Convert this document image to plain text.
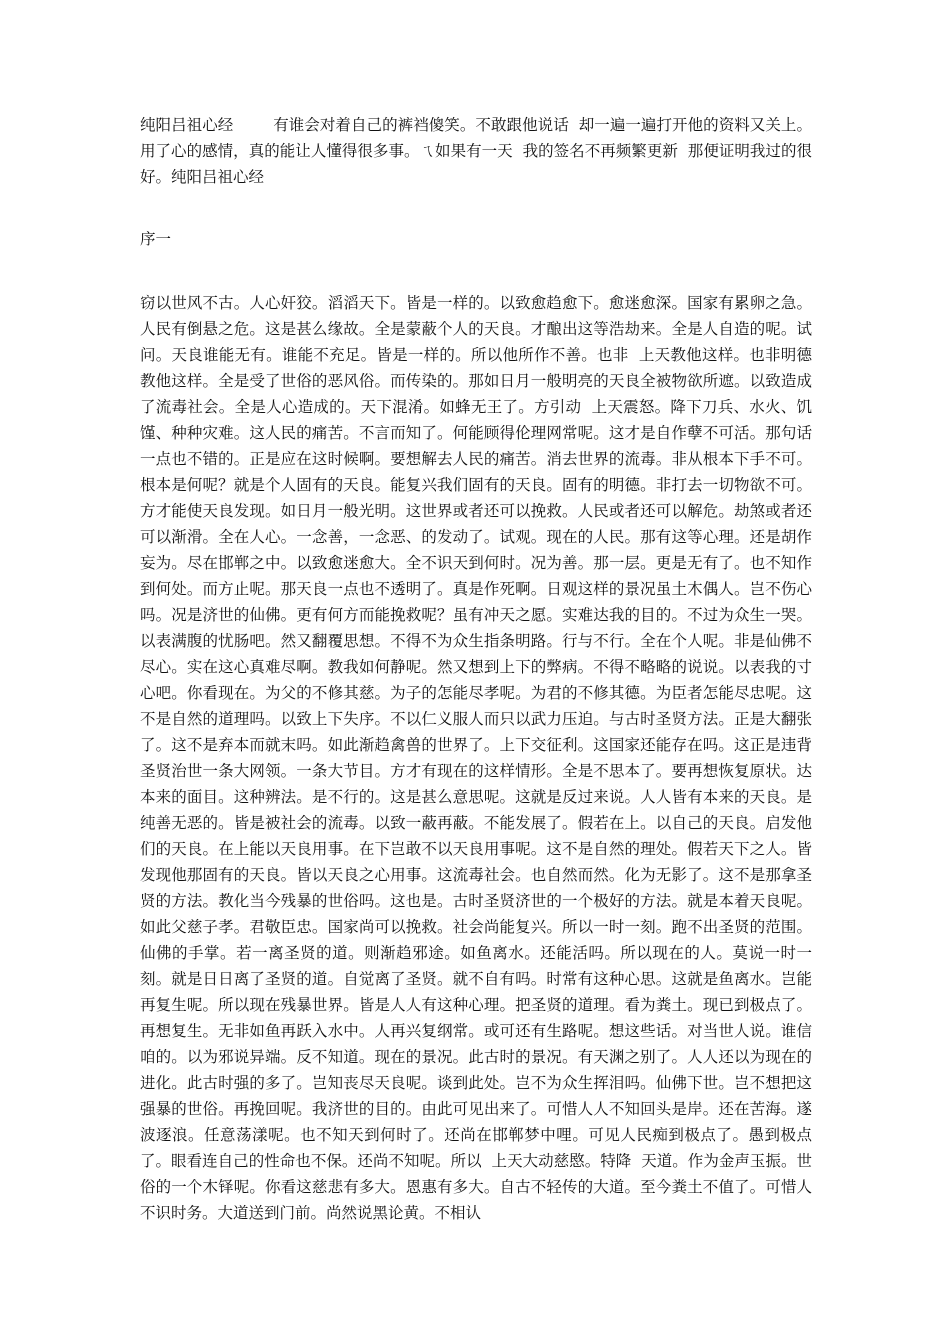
纯阳吕祖心经        有谁会对着自己的裤裆傻笑。不敢跟他说话  却一遍一遍打开他的资料又关上。用了心的感情，真的能让人懂得很多事。ㄟ如果有一天  我的签名不再频繁更新  那便证明我过的很好。纯阳吕祖心经

序一

窃以世风不古。人心奸狡。滔滔天下。皆是一样的。以致愈趋愈下。愈迷愈深。国家有累卵之急。人民有倒悬之危。这是甚么缘故。全是蒙蔽个人的天良。才酿出这等浩劫来。全是人自造的呢。试问。天良谁能无有。谁能不充足。皆是一样的。所以他所作不善。也非  上天教他这样。也非明德教他这样。全是受了世俗的恶风俗。而传染的。那如日月一般明亮的天良全被物欲所遮。以致造成了流毒社会。全是人心造成的。天下混淆。如蜂无王了。方引动  上天震怒。降下刀兵、水火、饥馑、种种灾难。这人民的痛苦。不言而知了。何能顾得伦理网常呢。这才是自作孽不可活。那句话一点也不错的。正是应在这时候啊。要想解去人民的痛苦。消去世界的流毒。非从根本下手不可。根本是何呢？就是个人固有的天良。能复兴我们固有的天良。固有的明德。非打去一切物欲不可。方才能使天良发现。如日月一般光明。这世界或者还可以挽救。人民或者还可以解危。劫煞或者还可以渐滑。全在人心。一念善，一念恶、的发动了。试观。现在的人民。那有这等心理。还是胡作妄为。尽在邯郸之中。以致愈迷愈大。全不识天到何时。况为善。那一层。更是无有了。也不知作到何处。而方止呢。那天良一点也不透明了。真是作死啊。日观这样的景况虽土木偶人。岂不伤心吗。况是济世的仙佛。更有何方而能挽救呢？虽有冲天之愿。实难达我的目的。不过为众生一哭。以表满腹的忧肠吧。然又翻覆思想。不得不为众生指条明路。行与不行。全在个人呢。非是仙佛不尽心。实在这心真难尽啊。教我如何静呢。然又想到上下的弊病。不得不略略的说说。以表我的寸心吧。你看现在。为父的不修其慈。为子的怎能尽孝呢。为君的不修其德。为臣者怎能尽忠呢。这不是自然的道理吗。以致上下失序。不以仁义服人而只以武力压迫。与古时圣贤方法。正是大翻张了。这不是弃本而就末吗。如此渐趋禽兽的世界了。上下交征利。这国家还能存在吗。这正是违背圣贤治世一条大网领。一条大节目。方才有现在的这样情形。全是不思本了。要再想恢复原状。达本来的面目。这种辨法。是不行的。这是甚么意思呢。这就是反过来说。人人皆有本来的天良。是纯善无恶的。皆是被社会的流毒。以致一蔽再蔽。不能发展了。假若在上。以自己的天良。启发他们的天良。在上能以天良用事。在下岂敢不以天良用事呢。这不是自然的理处。假若天下之人。皆发现他那固有的天良。皆以天良之心用事。这流毒社会。也自然而然。化为无影了。这不是那拿圣贤的方法。教化当今残暴的世俗吗。这也是。古时圣贤济世的一个极好的方法。就是本着天良呢。如此父慈子孝。君敬臣忠。国家尚可以挽救。社会尚能复兴。所以一时一刻。跑不出圣贤的范围。仙佛的手掌。若一离圣贤的道。则渐趋邪途。如鱼离水。还能活吗。所以现在的人。莫说一时一刻。就是日日离了圣贤的道。自觉离了圣贤。就不自有吗。时常有这种心思。这就是鱼离水。岂能再复生呢。所以现在残暴世界。皆是人人有这种心理。把圣贤的道理。看为粪土。现已到极点了。再想复生。无非如鱼再跃入水中。人再兴复纲常。或可还有生路呢。想这些话。对当世人说。谁信咱的。以为邪说异端。反不知道。现在的景况。此古时的景况。有天渊之别了。人人还以为现在的进化。此古时强的多了。岂知丧尽天良呢。谈到此处。岂不为众生挥泪吗。仙佛下世。岂不想把这强暴的世俗。再挽回呢。我济世的目的。由此可见出来了。可惜人人不知回头是岸。还在苦海。遂波逐浪。任意荡漾呢。也不知天到何时了。还尚在邯郸梦中哩。可见人民痴到极点了。愚到极点了。眼看连自己的性命也不保。还尚不知呢。所以  上天大动慈愍。特降  天道。作为金声玉振。世俗的一个木铎呢。你看这慈悲有多大。恩惠有多大。自古不轻传的大道。至今粪土不值了。可惜人不识时务。大道送到门前。尚然说黑论黄。不相认
